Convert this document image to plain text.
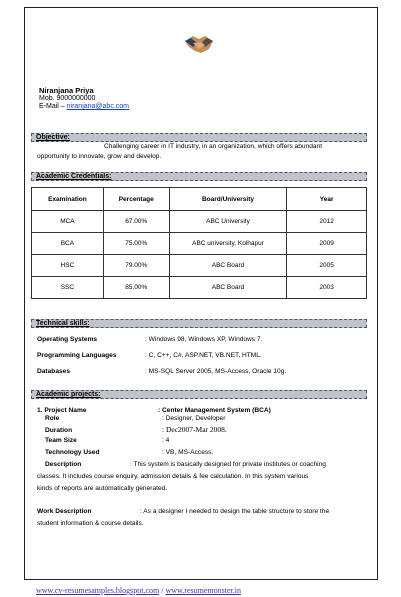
Niranjana Priya
Mob. 9000000000
E-Mail – niranjana@abc.com
Objective:
Challenging career in IT industry, in an organization, which offers abundant
opportunity to innovate, grow and develop.
Academic Credentials:
Examination	Percentage	Board/University	Year
MCA	67.00%	ABC University	2012
BCA	75.00%	ABC university, Kolhapur	2009
HSC	79.00%	ABC Board	2005
SSC	85.00%	ABC Board	2003
Technical skills:
Operating Systems	: Windows 98, Windows XP, Windows 7.
Programming Languages	: C, C++, C#, ASP.NET, VB.NET, HTML.
Databases	: MS-SQL Server 2005, MS-Access, Oracle 10g.
Academic projects:
1. Project Name	: Center Management System (BCA)
Role	: Designer, Developer
Duration	: Dec2007-Mar 2008.
Team Size	: 4
Technology Used	: VB, MS-Access.
Description	: This system is basically designed for private institutes or coaching
classes. It includes course enquiry, admission details & fee calculation. In this system various
kinds of reports are automatically generated.
Work Description	: As a designer I needed to design the table structure to store the
student information & course details.
www.cv-resumesamples.blogspot.com / www.resumemonster.in
